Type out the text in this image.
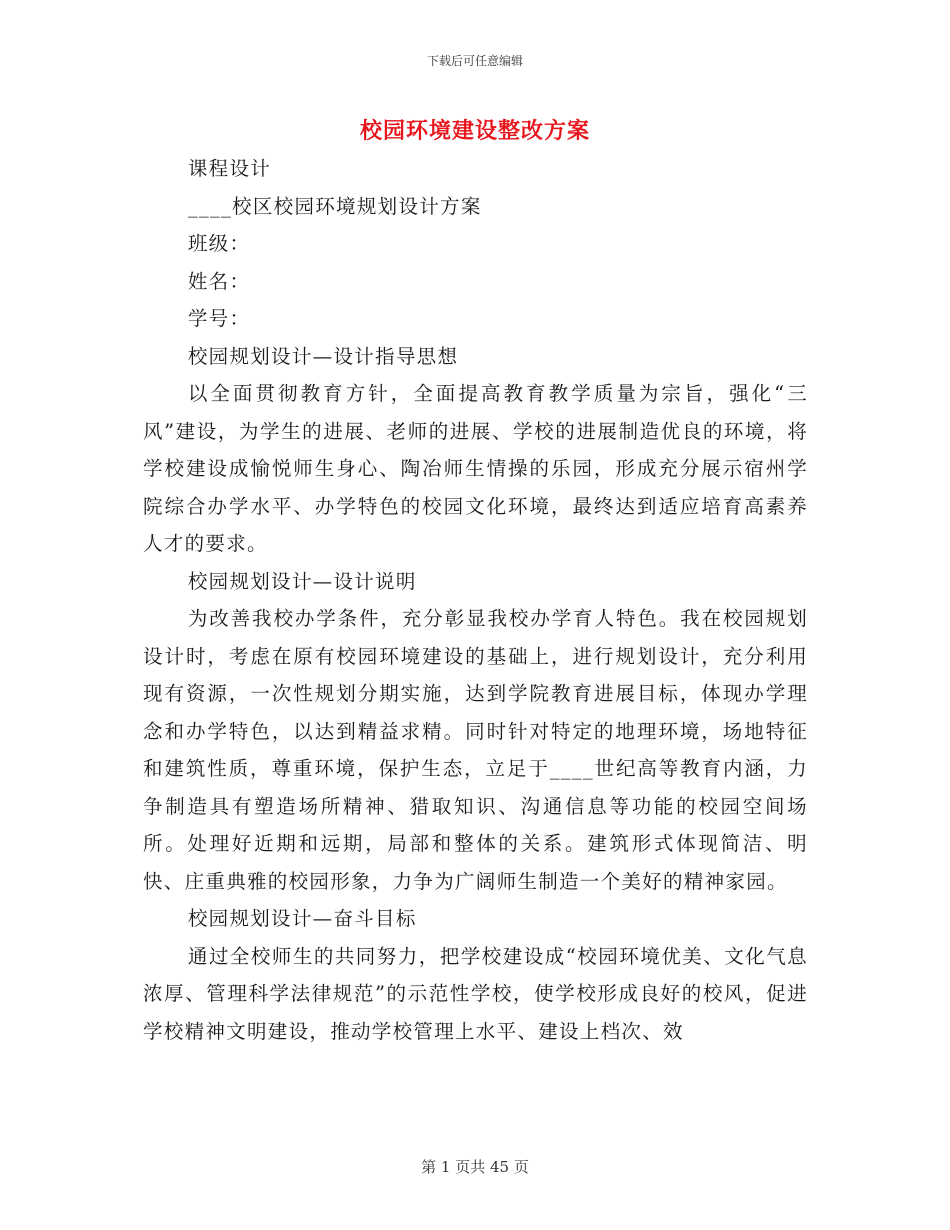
下载后可任意编辑
校园环境建设整改方案

课程设计

____校区校园环境规划设计方案

班级：

姓名：

学号：

校园规划设计—设计指导思想

以全面贯彻教育方针，全面提高教育教学质量为宗旨，强化“三风”建设，为学生的进展、老师的进展、学校的进展制造优良的环境，将学校建设成愉悦师生身心、陶冶师生情操的乐园，形成充分展示宿州学院综合办学水平、办学特色的校园文化环境，最终达到适应培育高素养人才的要求。

校园规划设计—设计说明

为改善我校办学条件，充分彰显我校办学育人特色。我在校园规划设计时，考虑在原有校园环境建设的基础上，进行规划设计，充分利用现有资源，一次性规划分期实施，达到学院教育进展目标，体现办学理念和办学特色，以达到精益求精。同时针对特定的地理环境，场地特征和建筑性质，尊重环境，保护生态，立足于____世纪高等教育内涵，力争制造具有塑造场所精神、猎取知识、沟通信息等功能的校园空间场所。处理好近期和远期，局部和整体的关系。建筑形式体现简洁、明快、庄重典雅的校园形象，力争为广阔师生制造一个美好的精神家园。

校园规划设计—奋斗目标

通过全校师生的共同努力，把学校建设成“校园环境优美、文化气息浓厚、管理科学法律规范”的示范性学校，使学校形成良好的校风，促进学校精神文明建设，推动学校管理上水平、建设上档次、效

第 1 页共 45 页
